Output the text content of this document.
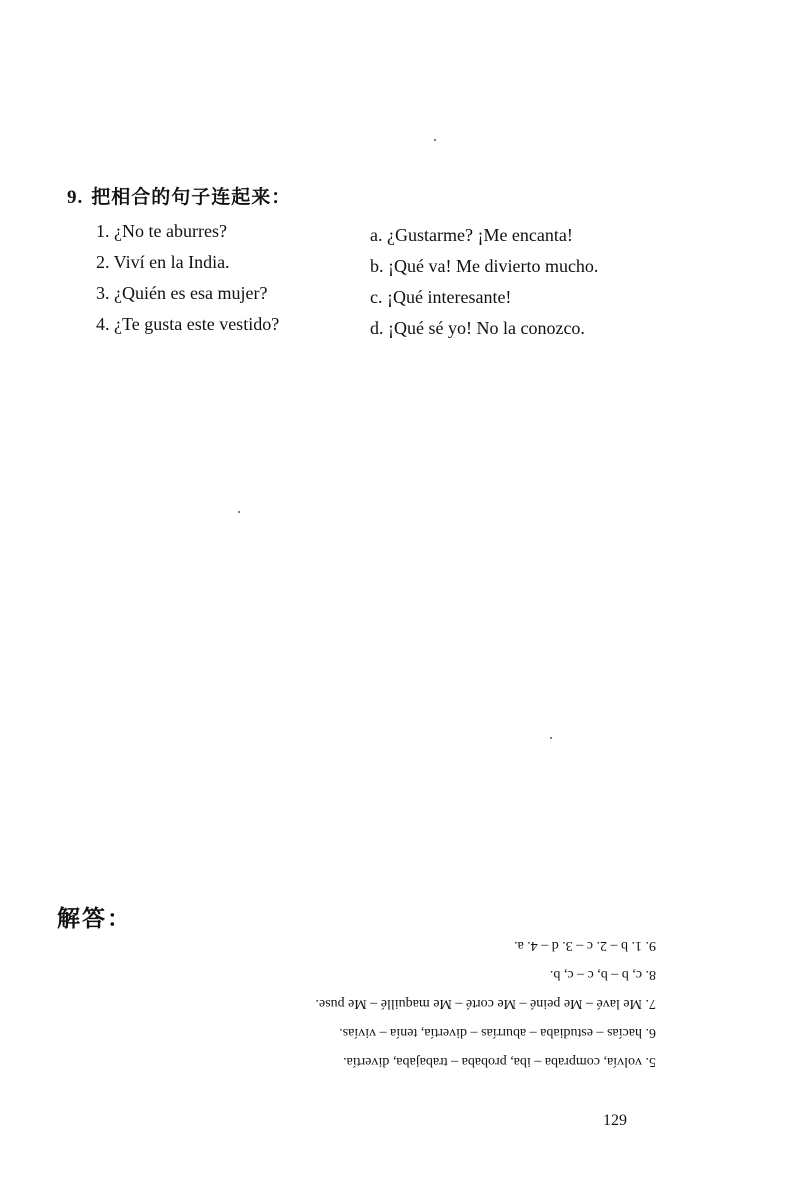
9. 把相合的句子连起来：
1. ¿No te aburres?
2. Viví en la India.
3. ¿Quién es esa mujer?
4. ¿Te gusta este vestido?
a. ¿Gustarme? ¡Me encanta!
b. ¡Qué va! Me divierto mucho.
c. ¡Qué interesante!
d. ¡Qué sé yo! No la conozco.
解答：
5. volvía, compraba – iba, probaba – trabajaba, divertía.
6. hacías – estudiaba – aburrías – divertía, tenía – vivías.
7. Me lavé – Me peiné – Me corté – Me maquillé – Me puse.
8. c, b – b, c – c, b.
9. 1. b – 2. c – 3. d – 4. a.
129
